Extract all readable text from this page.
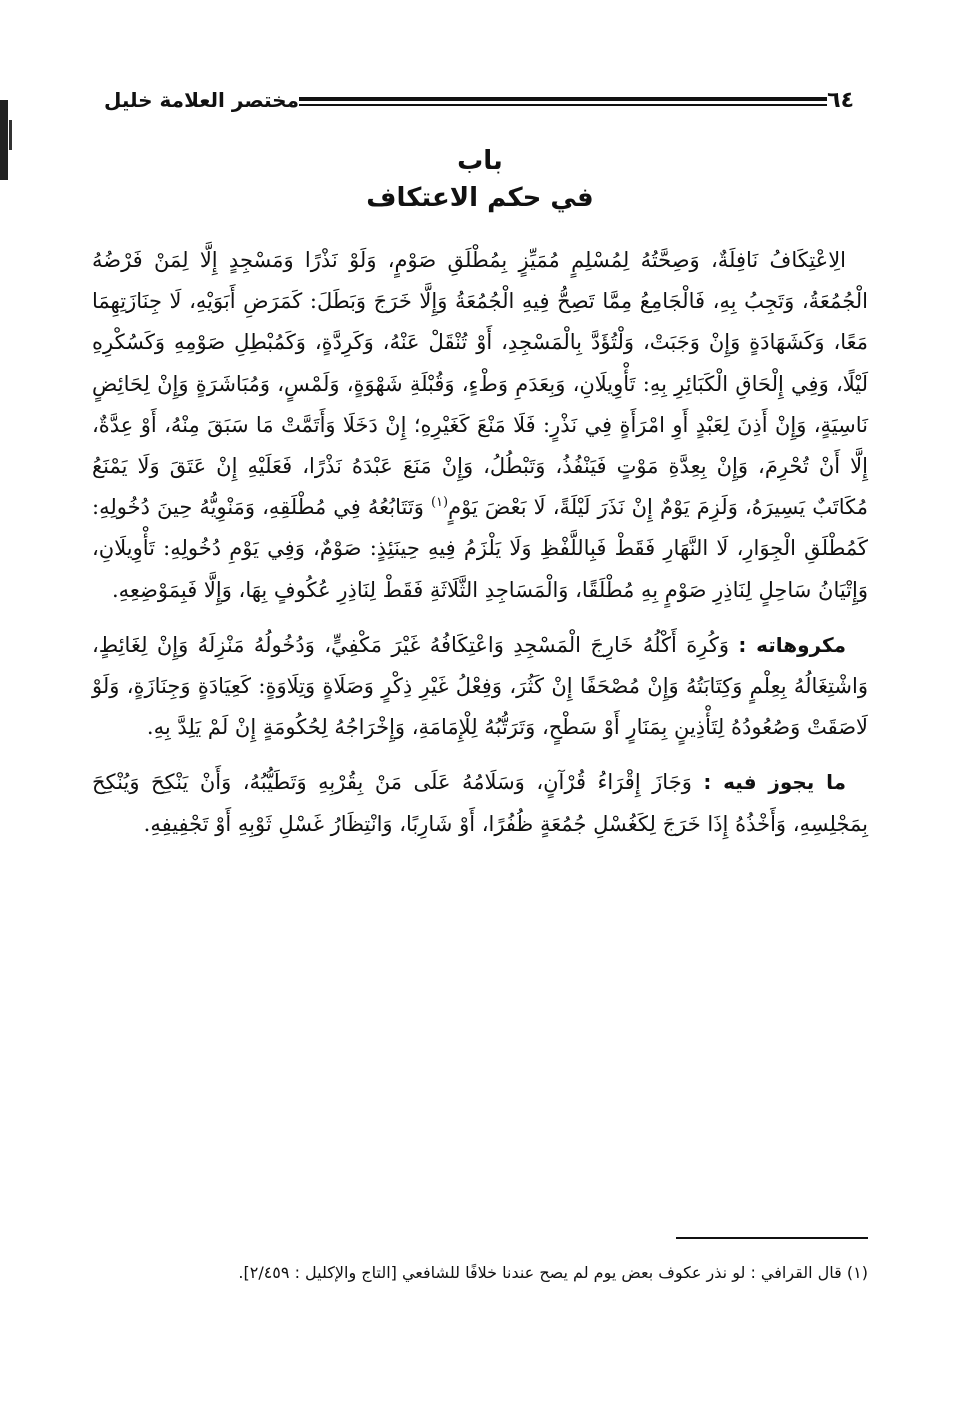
٦٤
مختصر العلامة خليل
باب
في حكم الاعتكاف

الِاعْتِكَافُ نَافِلَةٌ، وَصِحَّتُهُ لِمُسْلِمٍ مُمَيِّزٍ بِمُطْلَقِ صَوْمٍ، وَلَوْ نَذْرًا وَمَسْجِدٍ إِلَّا لِمَنْ فَرْضُهُ الْجُمُعَةُ، وَتَجِبُ بِهِ، فَالْجَامِعُ مِمَّا تَصِحُّ فِيهِ الْجُمُعَةُ وَإِلَّا خَرَجَ وَبَطَلَ: كَمَرَضِ أَبَوَيْهِ، لَا جِنَازَتِهِمَا مَعًا، وَكَشَهَادَةٍ وَإِنْ وَجَبَتْ، وَلْتُؤَدَّ بِالْمَسْجِدِ، أَوْ تُنْقَلْ عَنْهُ، وَكَرِدَّةٍ، وَكَمُبْطِلِ صَوْمِهِ وَكَسُكْرِهِ لَيْلًا، وَفِي إِلْحَاقِ الْكَبَائِرِ بِهِ: تَأْوِيلَانِ، وَبِعَدَمِ وَطْءٍ، وَقُبْلَةِ شَهْوَةٍ، وَلَمْسٍ، وَمُبَاشَرَةٍ وَإِنْ لِحَائِضٍ نَاسِيَةٍ، وَإِنْ أَذِنَ لِعَبْدٍ أَوِ امْرَأَةٍ فِي نَذْرٍ: فَلَا مَنْعَ كَغَيْرِهِ؛ إِنْ دَخَلَا وَأَتَمَّتْ مَا سَبَقَ مِنْهُ، أَوْ عِدَّةٌ، إِلَّا أَنْ تُحْرِمَ، وَإِنْ بِعِدَّةِ مَوْتٍ فَيَنْفُذُ، وَتَبْطُلُ، وَإِنْ مَنَعَ عَبْدَهُ نَذْرًا، فَعَلَيْهِ إِنْ عَتَقَ وَلَا يَمْنَعُ مُكَاتَبٌ يَسِيرَهُ، وَلَزِمَ يَوْمٌ إِنْ نَذَرَ لَيْلَةً، لَا بَعْضَ يَوْمٍ$^{(١)}$ وَتَتَابُعُهُ فِي مُطْلَقِهِ، وَمَنْوِيُّهُ حِينَ دُخُولِهِ: كَمُطْلَقِ الْجِوَارِ، لَا النَّهَارِ فَقَطْ فَبِاللَّفْظِ وَلَا يَلْزَمُ فِيهِ حِينَئِذٍ: صَوْمٌ، وَفِي يَوْمِ دُخُولِهِ: تَأْوِيلَانِ، وَإِتْيَانُ سَاحِلٍ لِنَاذِرِ صَوْمٍ بِهِ مُطْلَقًا، وَالْمَسَاجِدِ الثَّلَاثَةِ فَقَطْ لِنَاذِرِ عُكُوفٍ بِهَا، وَإِلَّا فَبِمَوْضِعِهِ.

مكروهاته : وَكُرِهَ أَكْلُهُ خَارِجَ الْمَسْجِدِ وَاعْتِكَافُهُ غَيْرَ مَكْفِيٍّ، وَدُخُولُهُ مَنْزِلَهُ وَإِنْ لِغَائِطٍ، وَاشْتِغَالُهُ بِعِلْمٍ وَكِتَابَتُهُ وَإِنْ مُصْحَفًا إِنْ كَثُرَ، وَفِعْلُ غَيْرِ ذِكْرٍ وَصَلَاةٍ وَتِلَاوَةٍ: كَعِيَادَةٍ وَجِنَازَةٍ، وَلَوْ لَاصَقَتْ وَصُعُودُهُ لِتَأْذِينٍ بِمَنَارٍ أَوْ سَطْحٍ، وَتَرَتُّبُهُ لِلْإِمَامَةِ، وَإِخْرَاجُهُ لِحُكُومَةٍ إِنْ لَمْ يَلِدَّ بِهِ.

ما يجوز فيه : وَجَازَ إِقْرَاءُ قُرْآنٍ، وَسَلَامُهُ عَلَى مَنْ بِقُرْبِهِ وَتَطَيُّبُهُ، وَأَنْ يَنْكِحَ وَيُنْكِحَ بِمَجْلِسِهِ، وَأَخْذُهُ إِذَا خَرَجَ لِكَغُسْلِ جُمُعَةٍ ظُفُرًا، أَوْ شَارِبًا، وَانْتِظَارُ غَسْلِ ثَوْبِهِ أَوْ تَجْفِيفِهِ.

(١) قال القرافي : لو نذر عكوف بعض يوم لم يصح عندنا خلافًا للشافعي [التاج والإكليل : ٢/٤٥٩].
